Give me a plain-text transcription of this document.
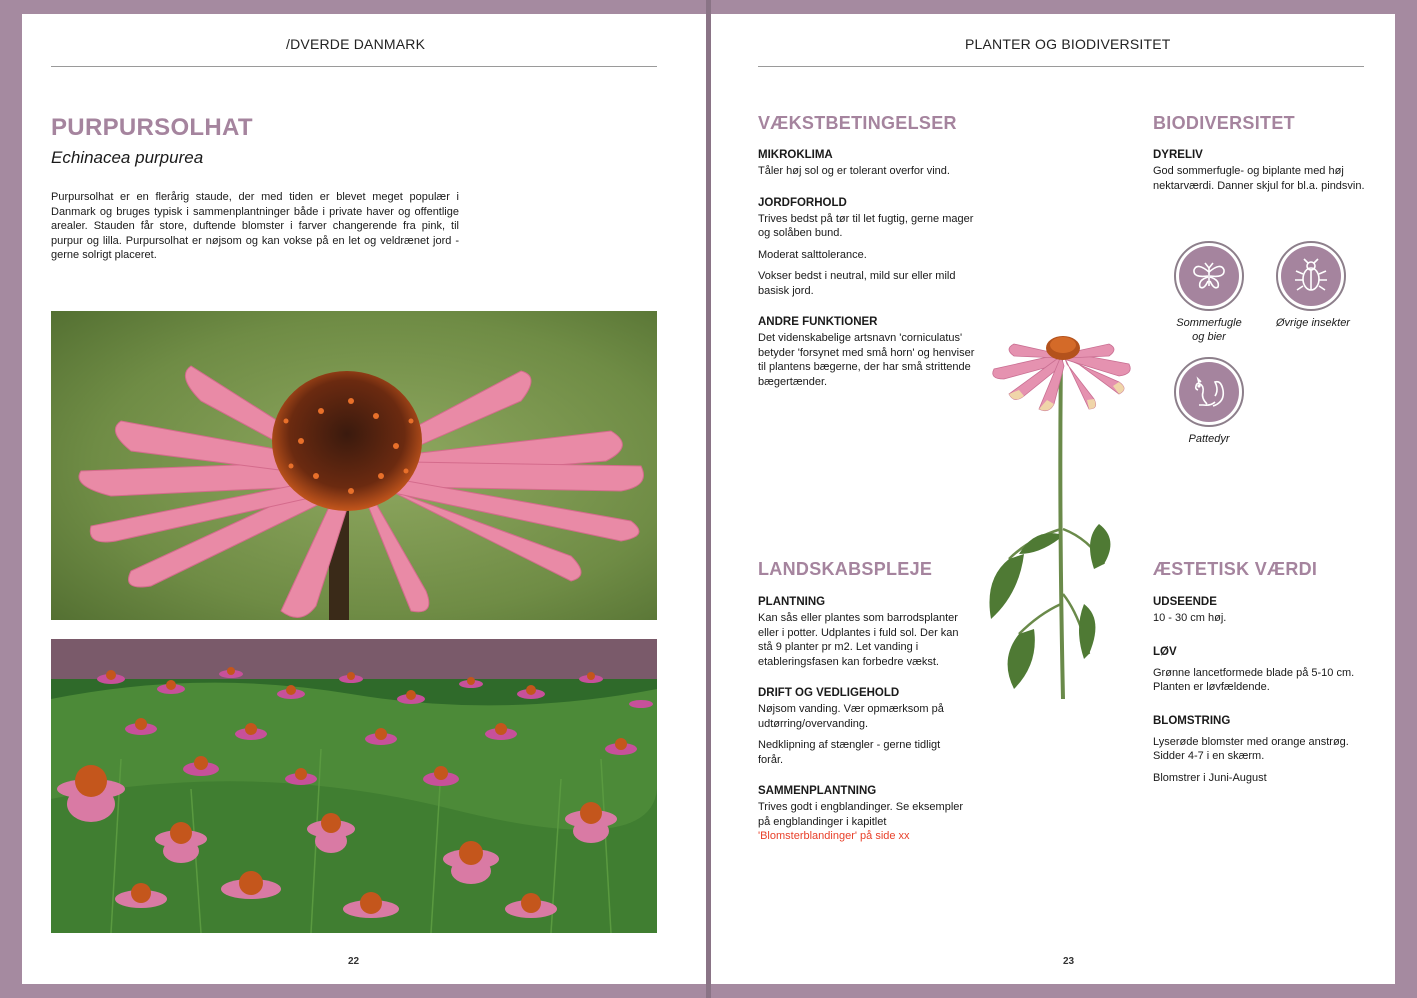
/DVERDE DANMARK
PURPURSOLHAT
Echinacea purpurea

Purpursolhat er en flerårig staude, der med tiden er blevet meget populær i Danmark og bruges typisk i sammenplantninger både i private haver og offentlige arealer. Stauden får store, duftende blomster i farver changerende fra pink, til purpur og lilla. Purpursolhat er nøjsom og kan vokse på en let og veldrænet jord - gerne solrigt placeret.

22
PLANTER OG BIODIVERSITET
VÆKSTBETINGELSER

MIKROKLIMA

Tåler høj sol og er tolerant overfor vind.

JORDFORHOLD

Trives bedst på tør til let fugtig, gerne mager og solåben bund.

Moderat salttolerance.

Vokser bedst i neutral, mild sur eller mild basisk jord.

ANDRE FUNKTIONER

Det videnskabelige artsnavn 'corniculatus' betyder 'forsynet med små horn' og henviser til plantens bægerne, der har små strittende bægertænder.

BIODIVERSITET

DYRELIV

God sommerfugle- og biplante med høj nektarværdi. Danner skjul for bl.a. pindsvin.

Sommerfugle
og bier
Øvrige insekter
Pattedyr
LANDSKABSPLEJE

PLANTNING

Kan sås eller plantes som barrodsplanter eller i potter. Udplantes i fuld sol. Der kan stå 9 planter pr m2. Let vanding i etableringsfasen kan forbedre vækst.

DRIFT OG VEDLIGEHOLD

Nøjsom vanding. Vær opmærksom på udtørring/overvanding.

Nedklipning af stængler - gerne tidligt forår.

SAMMENPLANTNING

Trives godt i engblandinger. Se eksempler på engblandinger i kapitlet 'Blomsterblandinger' på side xx

ÆSTETISK VÆRDI

UDSEENDE

10 - 30 cm høj.

LØV

Grønne lancetformede blade på 5-10 cm. Planten er løvfældende.

BLOMSTRING

Lyserøde blomster med orange anstrøg. Sidder 4-7 i en skærm.

Blomstrer i Juni-August

23
